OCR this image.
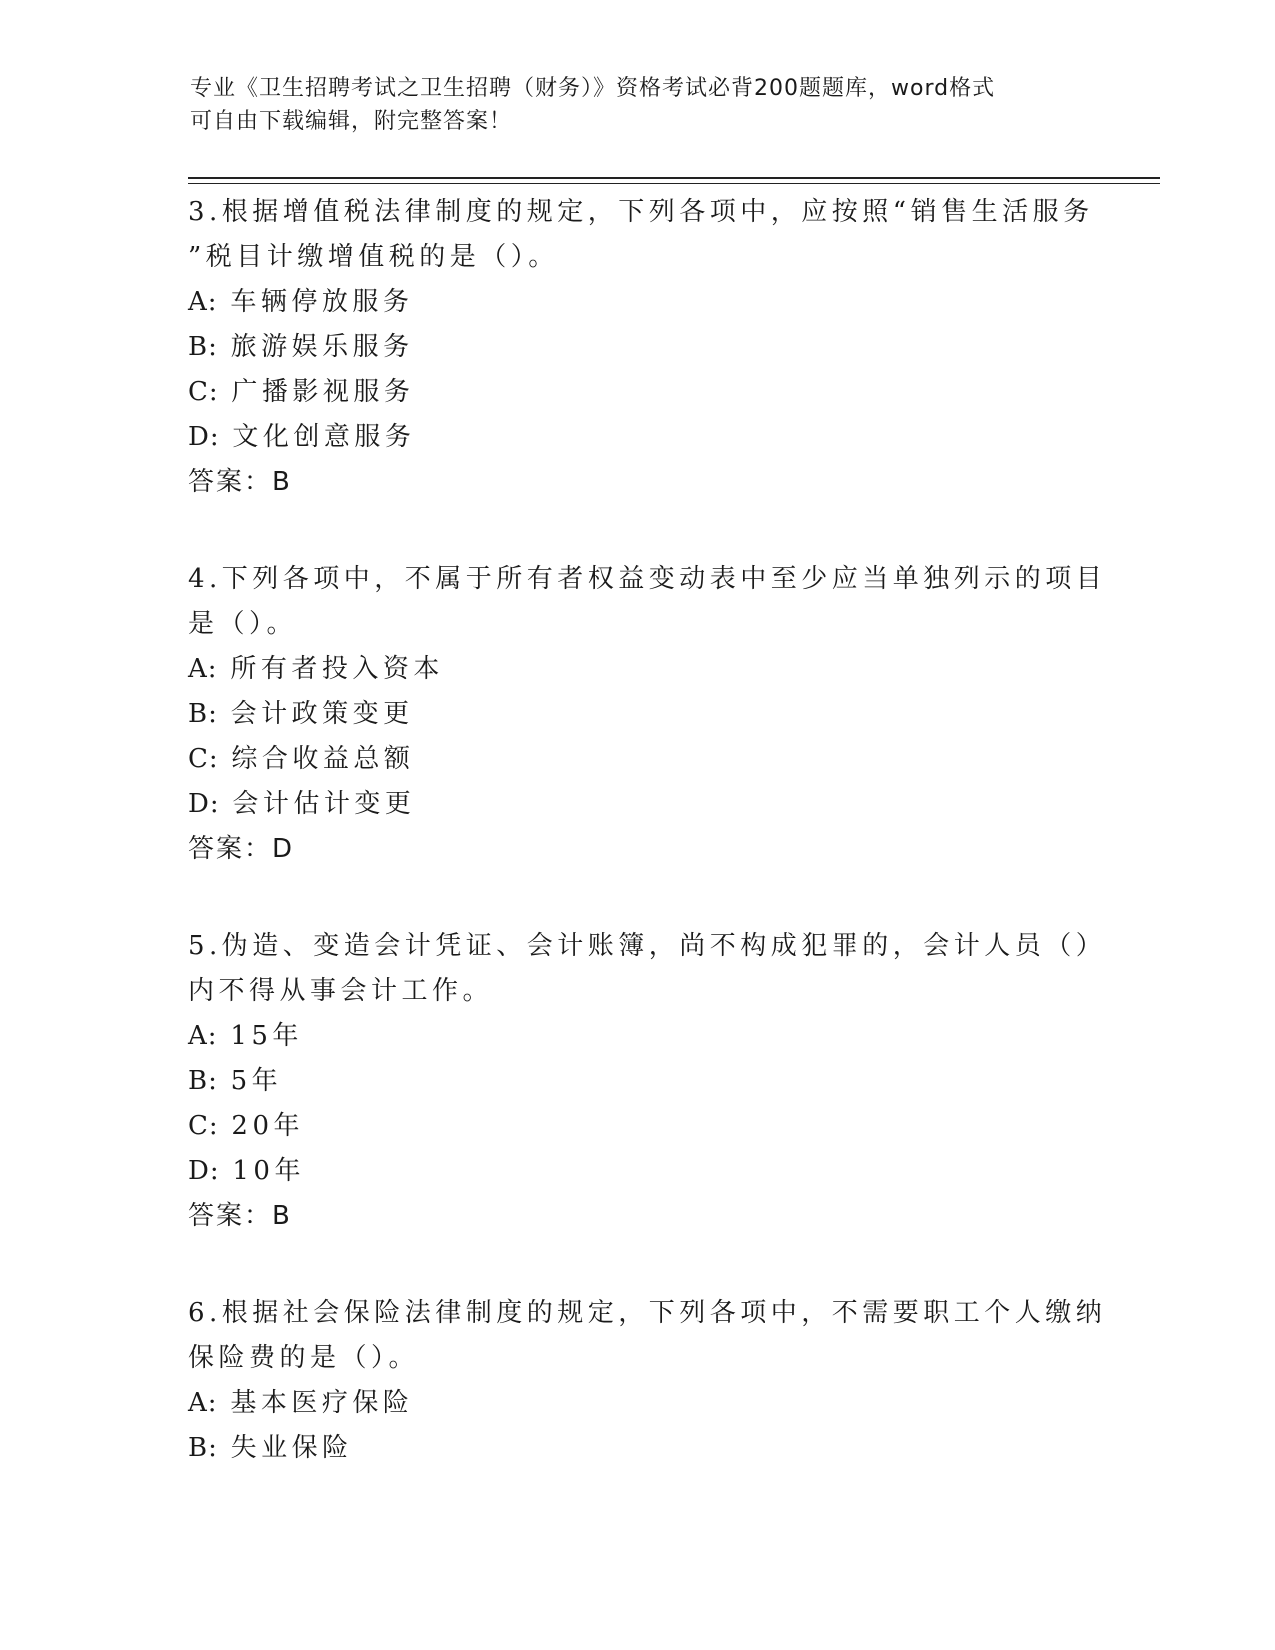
专业《卫生招聘考试之卫生招聘（财务）》资格考试必背200题题库，word格式
可自由下载编辑，附完整答案！
3.根据增值税法律制度的规定，下列各项中，应按照“销售生活服务
”税目计缴增值税的是（）。
A: 车辆停放服务
B: 旅游娱乐服务
C: 广播影视服务
D: 文化创意服务
答案：B
4.下列各项中，不属于所有者权益变动表中至少应当单独列示的项目
是（）。
A: 所有者投入资本
B: 会计政策变更
C: 综合收益总额
D: 会计估计变更
答案：D
5.伪造、变造会计凭证、会计账簿，尚不构成犯罪的，会计人员（）
内不得从事会计工作。
A: 15年
B: 5年
C: 20年
D: 10年
答案：B
6.根据社会保险法律制度的规定，下列各项中，不需要职工个人缴纳
保险费的是（）。
A: 基本医疗保险
B: 失业保险
